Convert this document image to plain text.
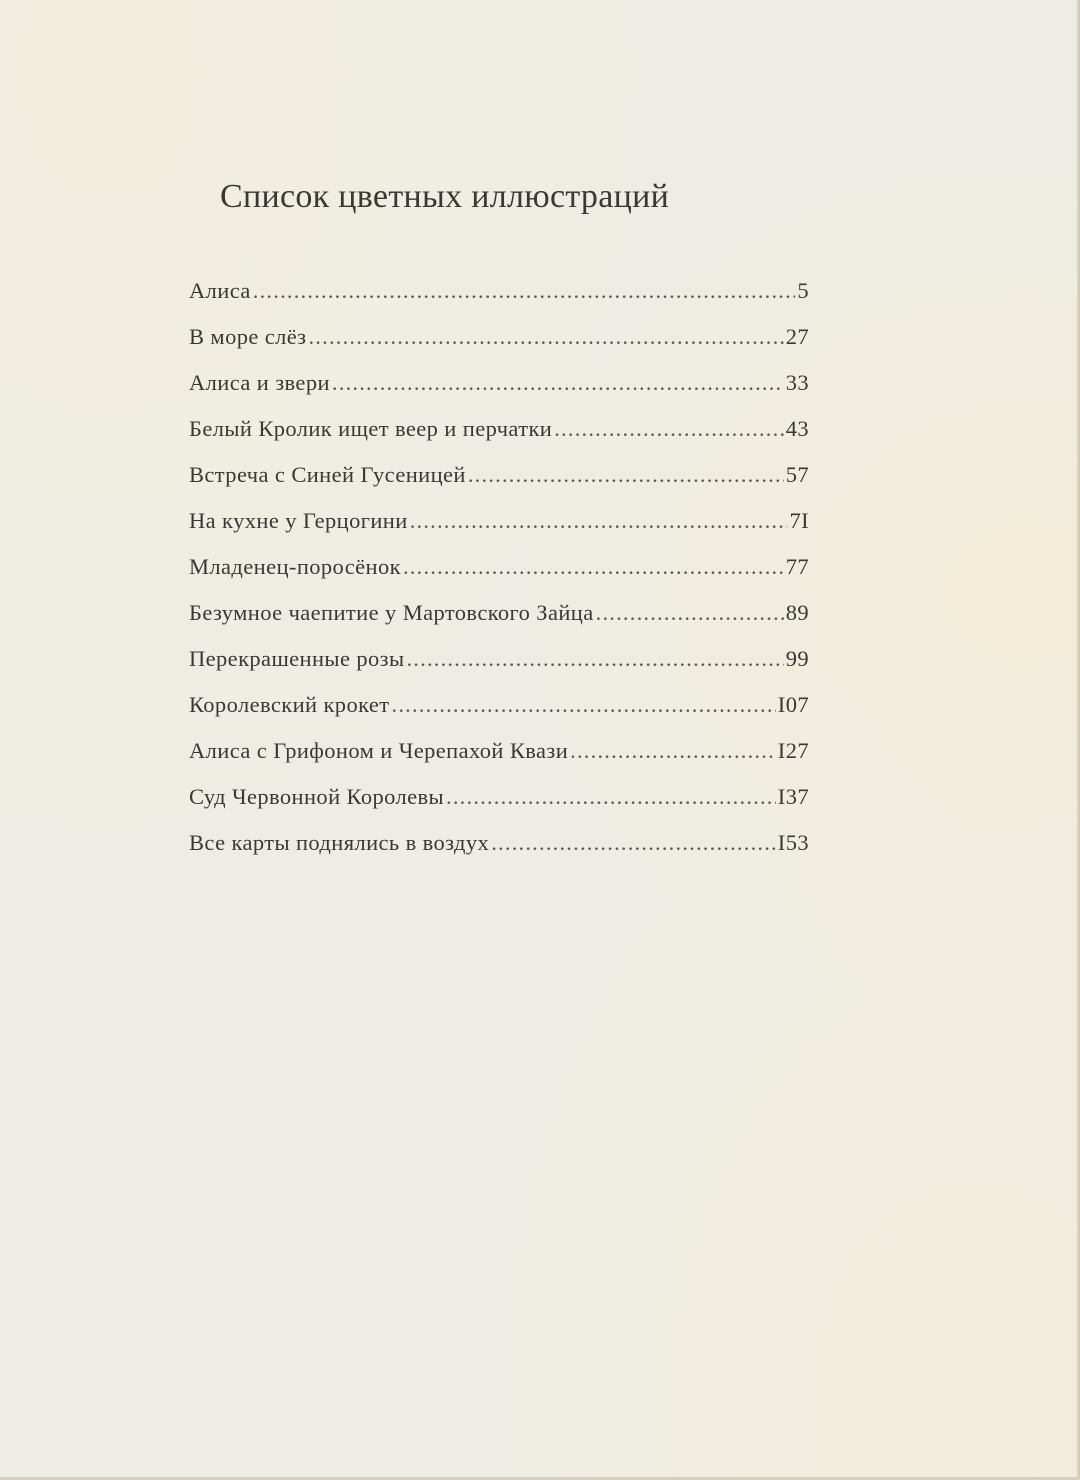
Список цветных иллюстраций
Алиса .....	5
В море слёз .....	27
Алиса и звери .....	33
Белый Кролик ищет веер и перчатки .....	43
Встреча с Синей Гусеницей .....	57
На кухне у Герцогини .....	7I
Младенец-поросёнок .....	77
Безумное чаепитие у Мартовского Зайца .....	89
Перекрашенные розы .....	99
Королевский крокет .....	I07
Алиса с Грифоном и Черепахой Квази .....	I27
Суд Червонной Королевы .....	I37
Все карты поднялись в воздух .....	I53
